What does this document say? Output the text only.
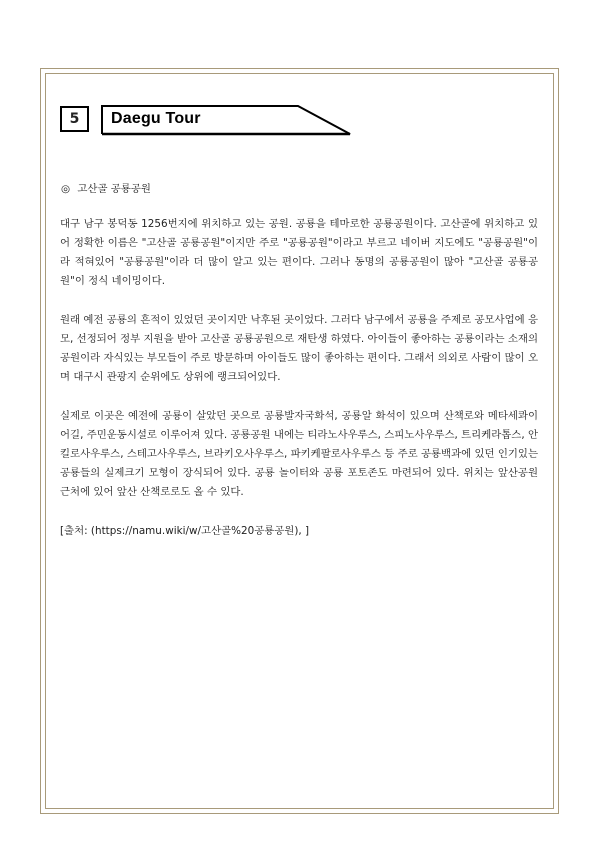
5	Daegu Tour
◎ 고산골 공룡공원

대구 남구 봉덕동 1256번지에 위치하고 있는 공원. 공룡을 테마로한 공룡공원이다. 고산골에 위치하고 있어 정확한 이름은 "고산골 공룡공원"이지만 주로 "공룡공원"이라고 부르고 네이버 지도에도 "공룡공원"이라 적혀있어 "공룡공원"이라 더 많이 알고 있는 편이다. 그러나 동명의 공룡공원이 많아 "고산골 공룡공원"이 정식 네이밍이다.

원래 예전 공룡의 흔적이 있었던 곳이지만 낙후된 곳이었다. 그러다 남구에서 공룡을 주제로 공모사업에 응모, 선정되어 정부 지원을 받아 고산골 공룡공원으로 재탄생 하였다. 아이들이 좋아하는 공룡이라는 소재의 공원이라 자식있는 부모들이 주로 방문하며 아이들도 많이 좋아하는 편이다. 그래서 의외로 사람이 많이 오며 대구시 관광지 순위에도 상위에 랭크되어있다.

실제로 이곳은 예전에 공룡이 살았던 곳으로 공룡발자국화석, 공룡알 화석이 있으며 산책로와 메타세콰이어길, 주민운동시설로 이루어져 있다. 공룡공원 내에는 티라노사우루스, 스피노사우루스, 트리케라톱스, 안킬로사우루스, 스테고사우루스, 브라키오사우루스, 파키케팔로사우루스 등 주로 공룡백과에 있던 인기있는 공룡들의 실제크기 모형이 장식되어 있다. 공룡 놀이터와 공룡 포토존도 마련되어 있다. 위치는 앞산공원 근처에 있어 앞산 산책로로도 올 수 있다.

[출처: (https://namu.wiki/w/고산골%20공룡공원), ]
